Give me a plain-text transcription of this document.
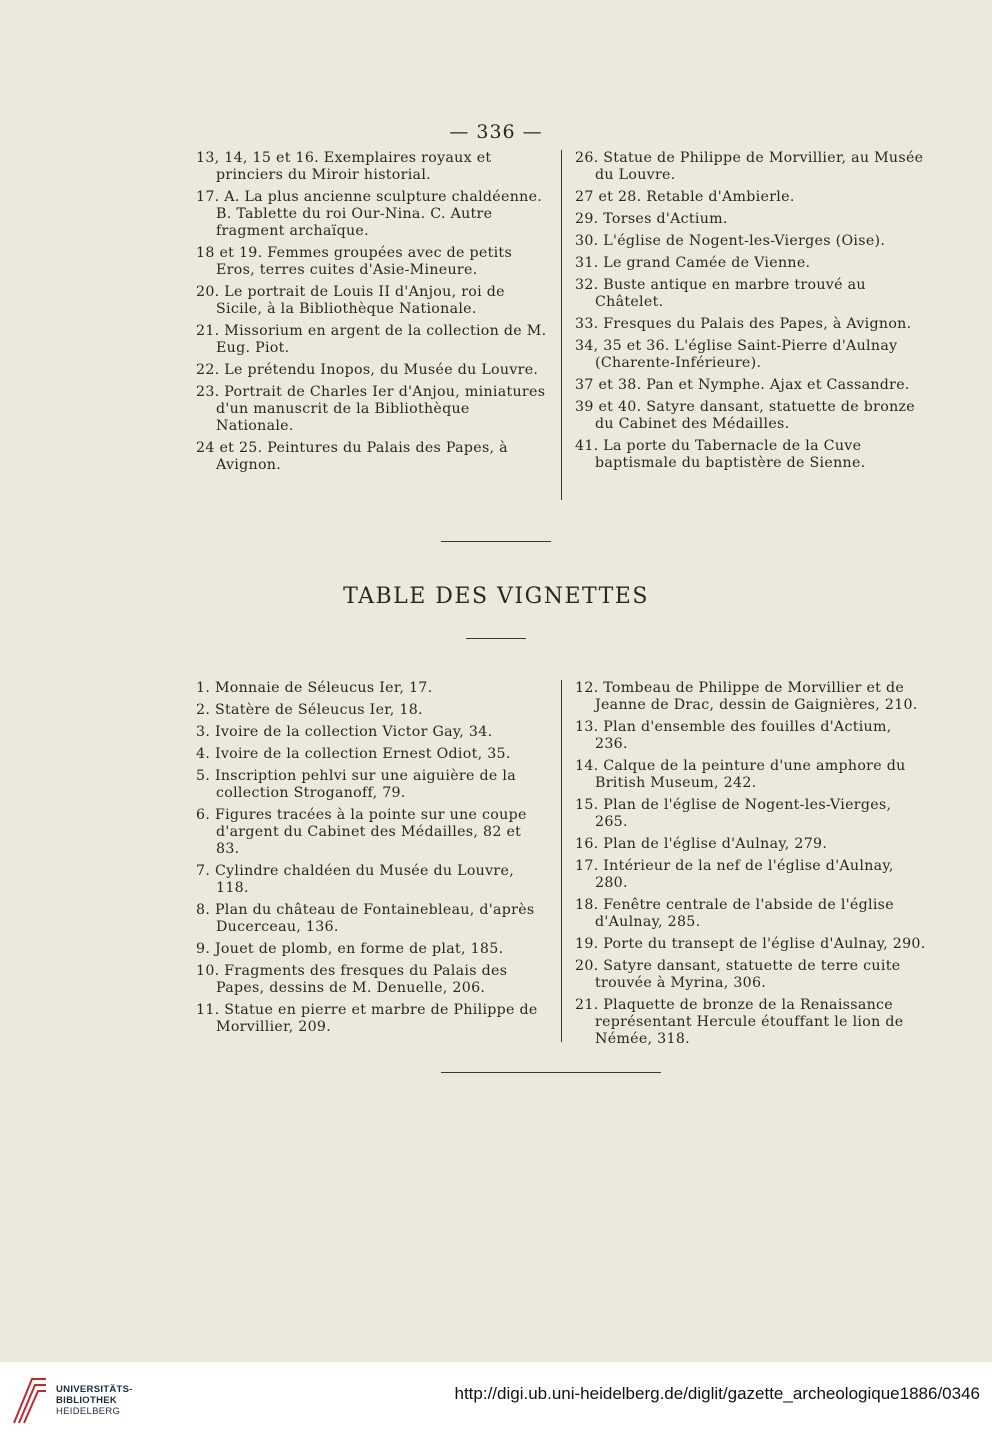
— 336 —
13, 14, 15 et 16. Exemplaires royaux et princiers du Miroir historial.
17. A. La plus ancienne sculpture chaldéenne. B. Tablette du roi Our-Nina. C. Autre fragment archaïque.
18 et 19. Femmes groupées avec de petits Eros, terres cuites d'Asie-Mineure.
20. Le portrait de Louis II d'Anjou, roi de Sicile, à la Bibliothèque Nationale.
21. Missorium en argent de la collection de M. Eug. Piot.
22. Le prétendu Inopos, du Musée du Louvre.
23. Portrait de Charles Ier d'Anjou, miniatures d'un manuscrit de la Bibliothèque Nationale.
24 et 25. Peintures du Palais des Papes, à Avignon.
26. Statue de Philippe de Morvillier, au Musée du Louvre.
27 et 28. Retable d'Ambierle.
29. Torses d'Actium.
30. L'église de Nogent-les-Vierges (Oise).
31. Le grand Camée de Vienne.
32. Buste antique en marbre trouvé au Châtelet.
33. Fresques du Palais des Papes, à Avignon.
34, 35 et 36. L'église Saint-Pierre d'Aulnay (Charente-Inférieure).
37 et 38. Pan et Nymphe. Ajax et Cassandre.
39 et 40. Satyre dansant, statuette de bronze du Cabinet des Médailles.
41. La porte du Tabernacle de la Cuve baptismale du baptistère de Sienne.
TABLE DES VIGNETTES
1. Monnaie de Séleucus Ier, 17.
2. Statère de Séleucus Ier, 18.
3. Ivoire de la collection Victor Gay, 34.
4. Ivoire de la collection Ernest Odiot, 35.
5. Inscription pehlvi sur une aiguière de la collection Stroganoff, 79.
6. Figures tracées à la pointe sur une coupe d'argent du Cabinet des Médailles, 82 et 83.
7. Cylindre chaldéen du Musée du Louvre, 118.
8. Plan du château de Fontainebleau, d'après Ducerceau, 136.
9. Jouet de plomb, en forme de plat, 185.
10. Fragments des fresques du Palais des Papes, dessins de M. Denuelle, 206.
11. Statue en pierre et marbre de Philippe de Morvillier, 209.
12. Tombeau de Philippe de Morvillier et de Jeanne de Drac, dessin de Gaignières, 210.
13. Plan d'ensemble des fouilles d'Actium, 236.
14. Calque de la peinture d'une amphore du British Museum, 242.
15. Plan de l'église de Nogent-les-Vierges, 265.
16. Plan de l'église d'Aulnay, 279.
17. Intérieur de la nef de l'église d'Aulnay, 280.
18. Fenêtre centrale de l'abside de l'église d'Aulnay, 285.
19. Porte du transept de l'église d'Aulnay, 290.
20. Satyre dansant, statuette de terre cuite trouvée à Myrina, 306.
21. Plaquette de bronze de la Renaissance représentant Hercule étouffant le lion de Némée, 318.
UNIVERSITÄTS-
BIBLIOTHEK
HEIDELBERG
http://digi.ub.uni-heidelberg.de/diglit/gazette_archeologique1886/0346
